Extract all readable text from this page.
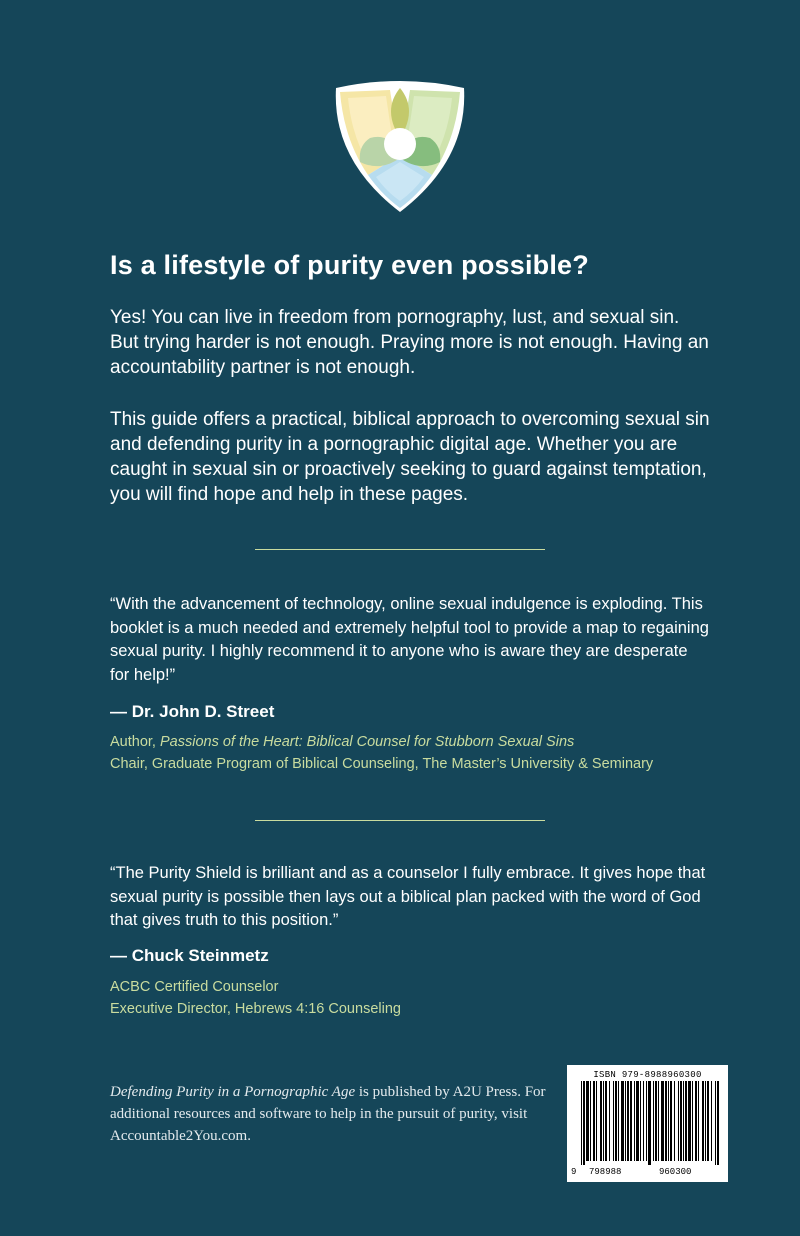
Is a lifestyle of purity even possible?

Yes! You can live in freedom from pornography, lust, and sexual sin. But trying harder is not enough. Praying more is not enough. Having an accountability partner is not enough.

This guide offers a practical, biblical approach to overcoming sexual sin and defending purity in a pornographic digital age. Whether you are caught in sexual sin or proactively seeking to guard against temptation, you will find hope and help in these pages.

“With the advancement of technology, online sexual indulgence is exploding. This booklet is a much needed and extremely helpful tool to provide a map to regaining sexual purity. I highly recommend it to anyone who is aware they are desperate for help!”

— Dr. John D. Street

Author, Passions of the Heart: Biblical Counsel for Stubborn Sexual Sins
Chair, Graduate Program of Biblical Counseling, The Master’s University & Seminary

“The Purity Shield is brilliant and as a counselor I fully embrace. It gives hope that sexual purity is possible then lays out a biblical plan packed with the word of God that gives truth to this position.”

— Chuck Steinmetz

ACBC Certified Counselor
Executive Director, Hebrews 4:16 Counseling

Defending Purity in a Pornographic Age is published by A2U Press. For additional resources and software to help in the pursuit of purity, visit Accountable2You.com.

ISBN 979-8988960300
9 798988	960300
